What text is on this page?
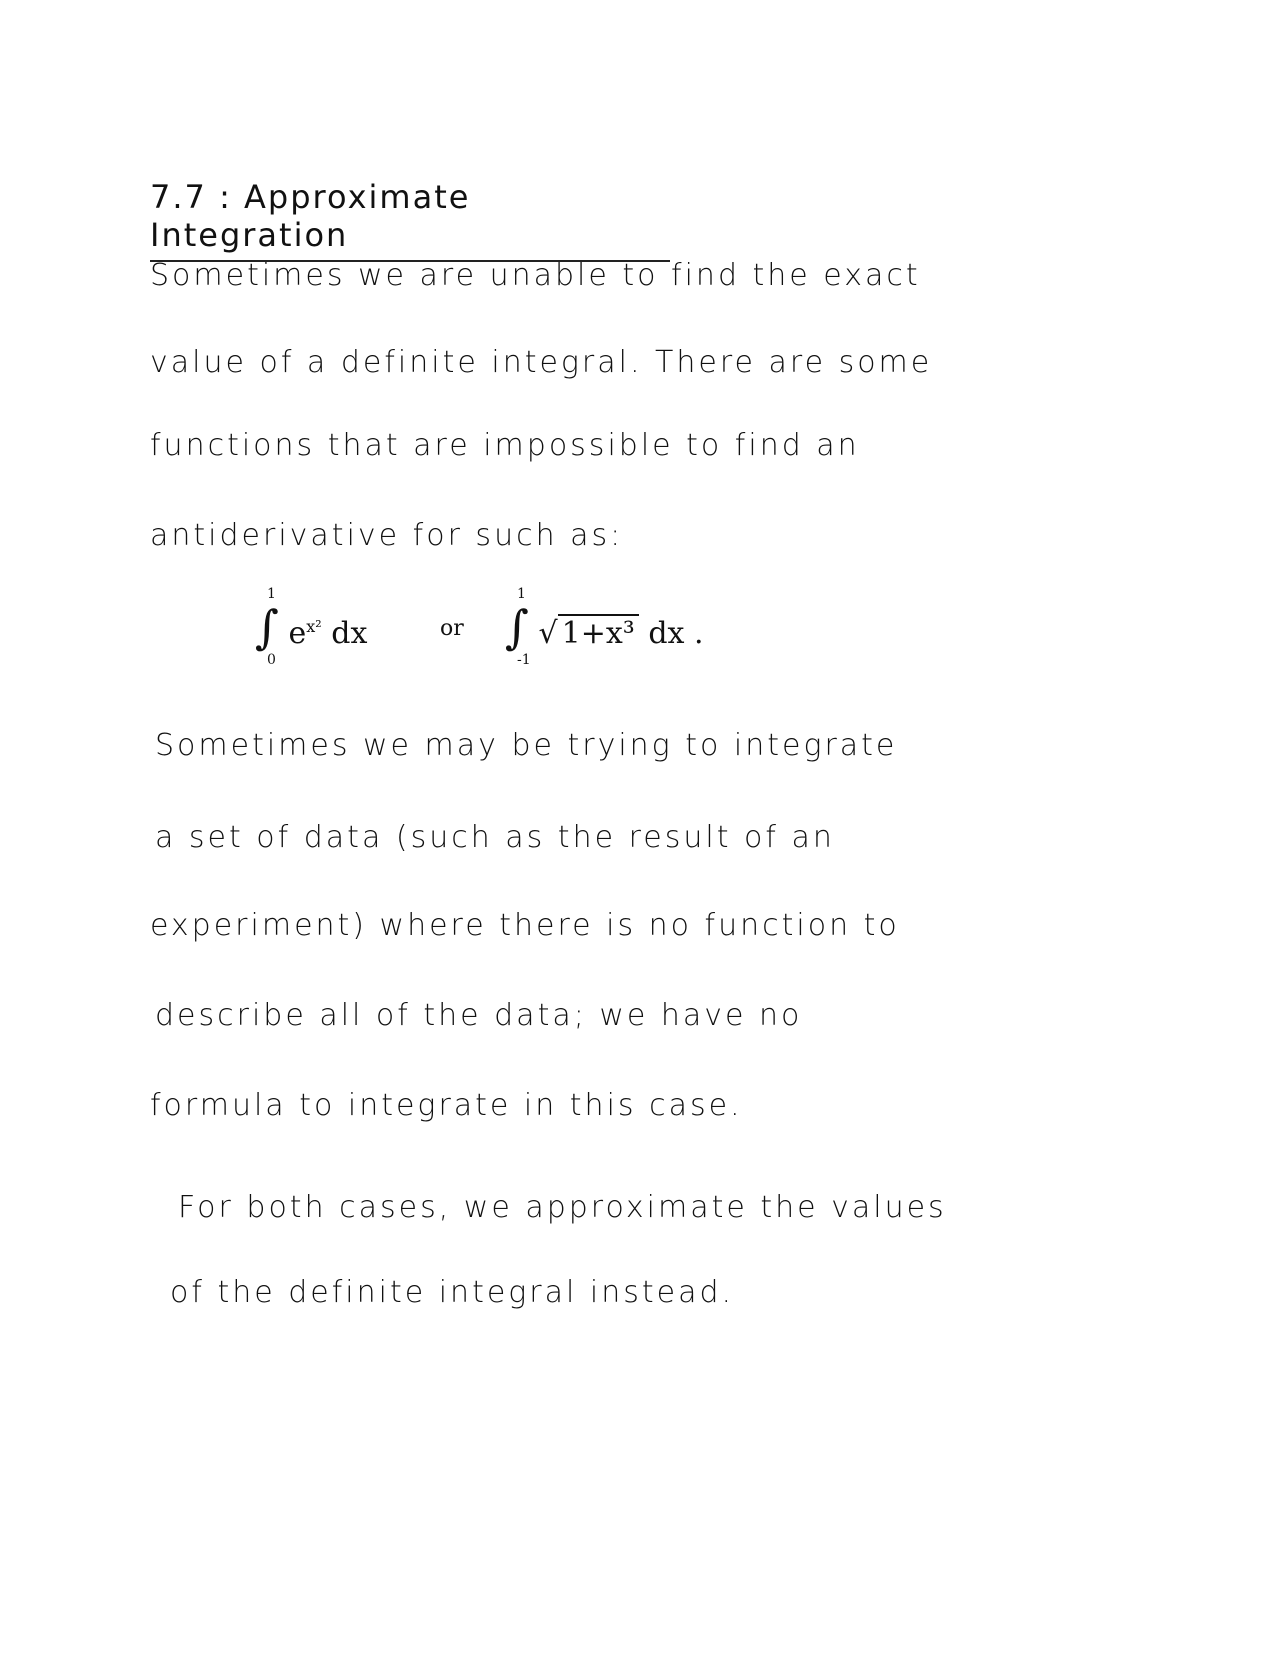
7.7 : Approximate Integration
Sometimes we are unable to find the exact
value of a definite integral. There are some
functions that are impossible to find an
antiderivative for such as:
∫
1
0
$e^{x^2}$ dx	or ∫
1
-1
√ 1+x³ dx .
Sometimes we may be trying to integrate
a set of data (such as the result of an
experiment) where there is no function to
describe all of the data; we have no
formula to integrate in this case.
For both cases, we approximate the values
of the definite integral instead.
